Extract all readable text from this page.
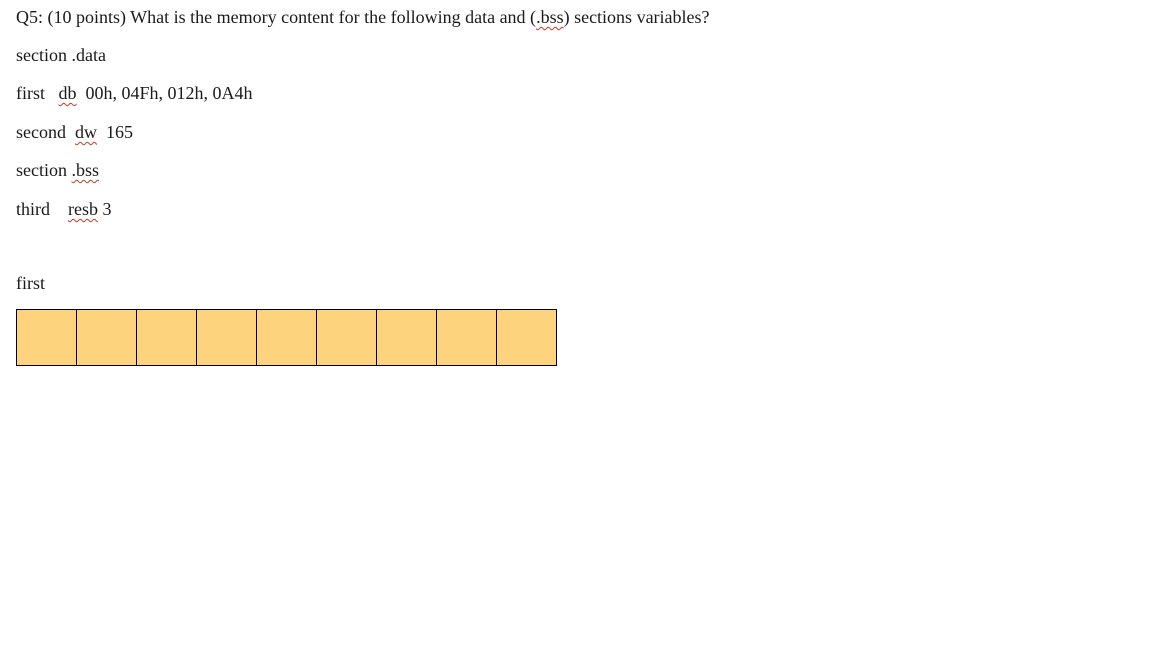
Q5: (10 points) What is the memory content for the following data and (.bss) sections variables?
section .data
first db 00h, 04Fh, 012h, 0A4h
second dw 165
section .bss
third resb 3
first
